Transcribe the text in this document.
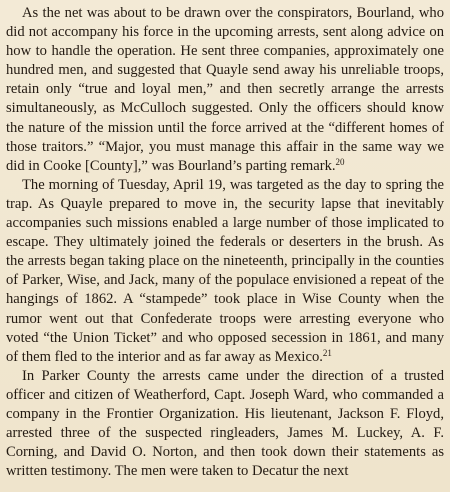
As the net was about to be drawn over the conspirators, Bourland, who did not accompany his force in the upcoming arrests, sent along advice on how to handle the operation. He sent three companies, approximately one hundred men, and suggested that Quayle send away his unreliable troops, retain only “true and loyal men,” and then secretly arrange the arrests simultaneously, as McCulloch suggested. Only the officers should know the nature of the mission until the force arrived at the “different homes of those traitors.” “Major, you must manage this affair in the same way we did in Cooke [County],” was Bourland’s parting remark.$^{20}$

The morning of Tuesday, April 19, was targeted as the day to spring the trap. As Quayle prepared to move in, the security lapse that inevitably accompanies such missions enabled a large number of those implicated to escape. They ultimately joined the federals or deserters in the brush. As the arrests began taking place on the nineteenth, principally in the counties of Parker, Wise, and Jack, many of the populace envisioned a repeat of the hangings of 1862. A “stampede” took place in Wise County when the rumor went out that Confederate troops were arresting everyone who voted “the Union Ticket” and who opposed secession in 1861, and many of them fled to the interior and as far away as Mexico.$^{21}$

In Parker County the arrests came under the direction of a trusted officer and citizen of Weatherford, Capt. Joseph Ward, who commanded a company in the Frontier Organization. His lieutenant, Jackson F. Floyd, arrested three of the suspected ringleaders, James M. Luckey, A. F. Corning, and David O. Norton, and then took down their statements as written testimony. The men were taken to Decatur the next
